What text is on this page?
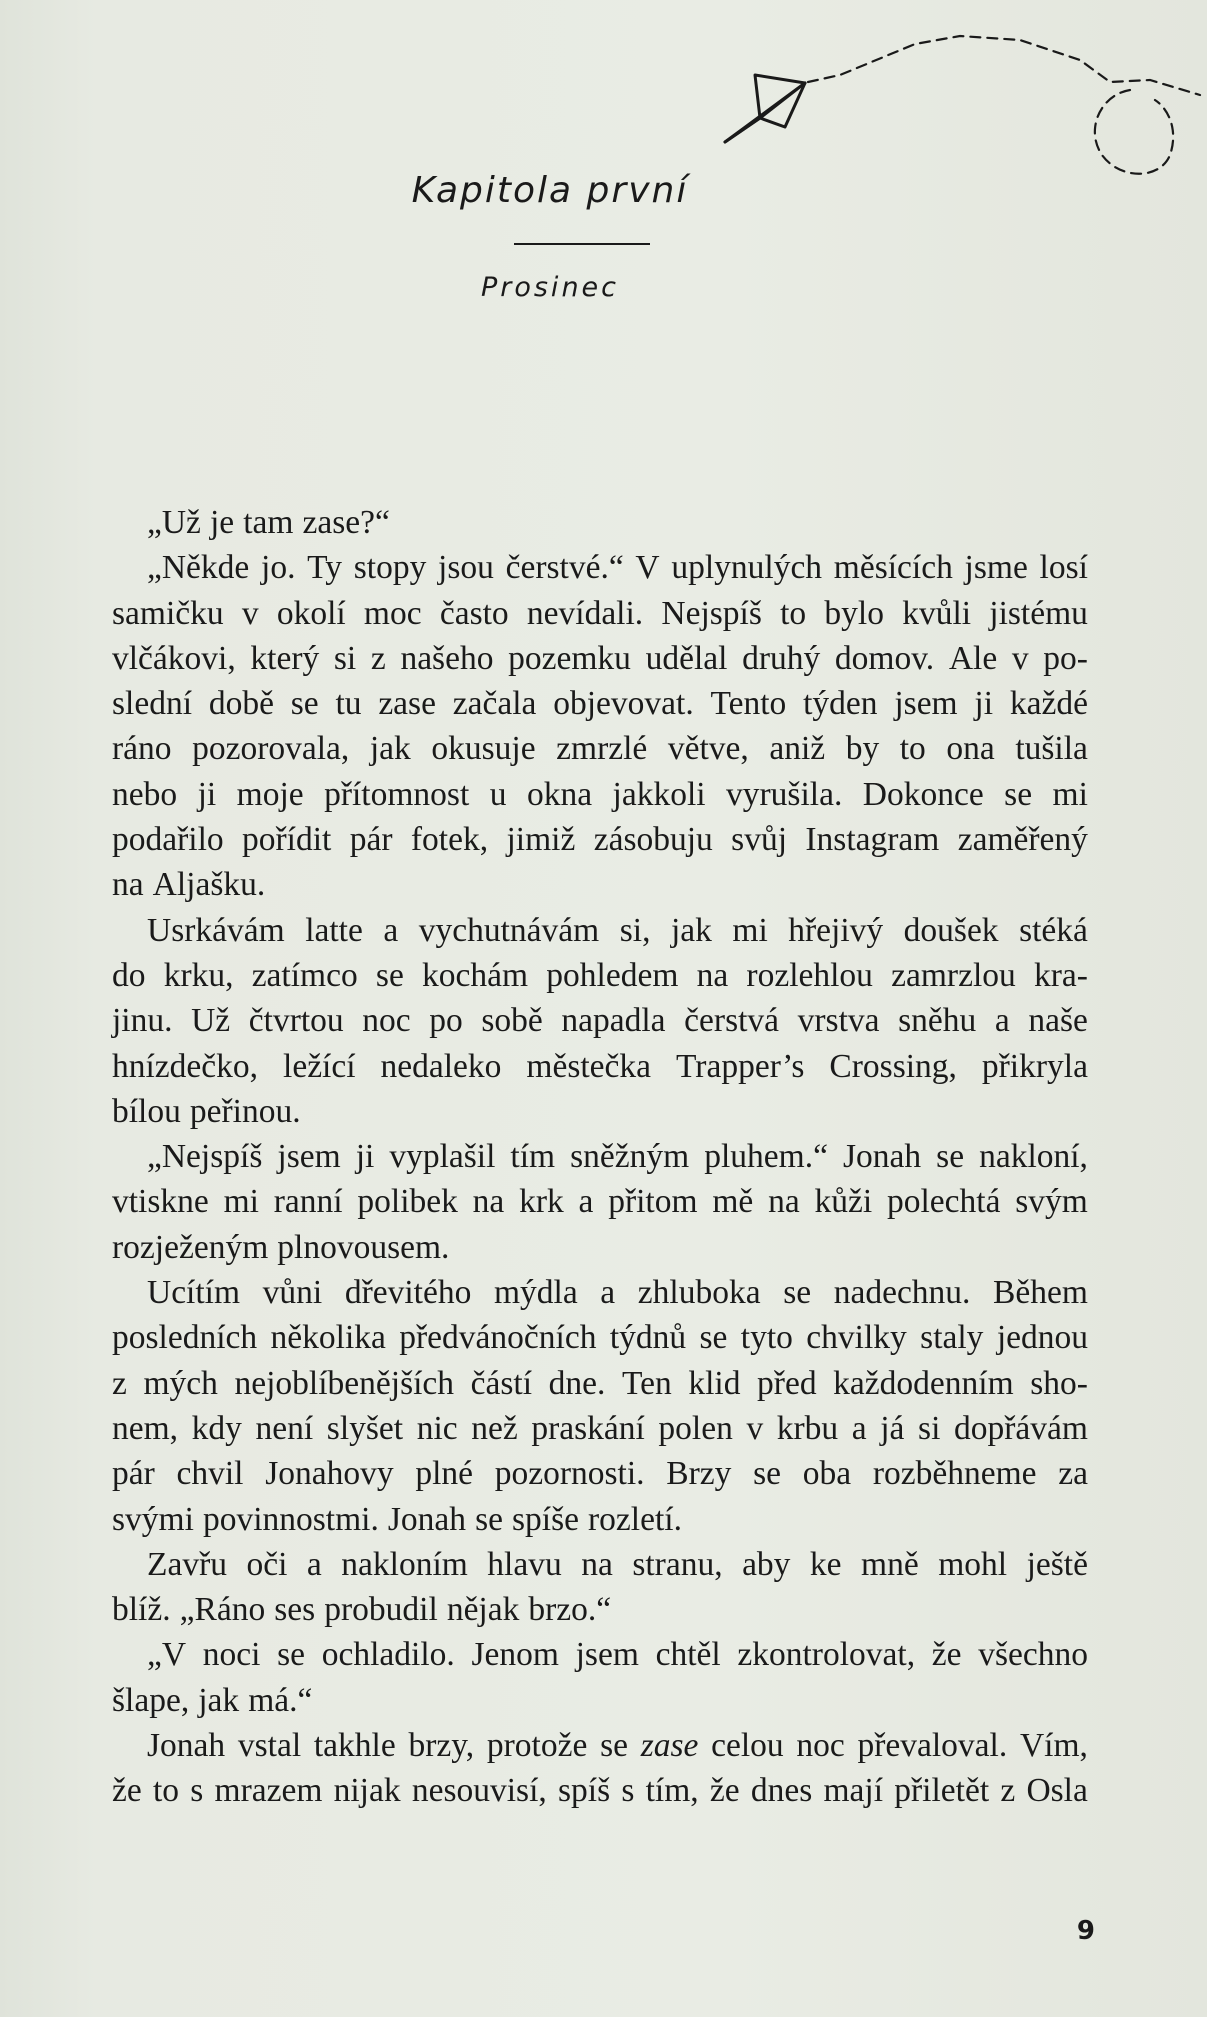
Kapitola první
Prosinec
„Už je tam zase?“
„Někde jo. Ty stopy jsou čerstvé.“ V uplynulých měsících jsme losí
samičku v okolí moc často nevídali. Nejspíš to bylo kvůli jistému
vlčákovi, který si z našeho pozemku udělal druhý domov. Ale v po-
slední době se tu zase začala objevovat. Tento týden jsem ji každé
ráno pozorovala, jak okusuje zmrzlé větve, aniž by to ona tušila
nebo ji moje přítomnost u okna jakkoli vyrušila. Dokonce se mi
podařilo pořídit pár fotek, jimiž zásobuju svůj Instagram zaměřený
na Aljašku.
Usrkávám latte a vychutnávám si, jak mi hřejivý doušek stéká
do krku, zatímco se kochám pohledem na rozlehlou zamrzlou kra-
jinu. Už čtvrtou noc po sobě napadla čerstvá vrstva sněhu a naše
hnízdečko, ležící nedaleko městečka Trapper’s Crossing, přikryla
bílou peřinou.
„Nejspíš jsem ji vyplašil tím sněžným pluhem.“ Jonah se nakloní,
vtiskne mi ranní polibek na krk a přitom mě na kůži polechtá svým
rozježeným plnovousem.
Ucítím vůni dřevitého mýdla a zhluboka se nadechnu. Během
posledních několika předvánočních týdnů se tyto chvilky staly jednou
z mých nejoblíbenějších částí dne. Ten klid před každodenním sho-
nem, kdy není slyšet nic než praskání polen v krbu a já si dopřávám
pár chvil Jonahovy plné pozornosti. Brzy se oba rozběhneme za
svými povinnostmi. Jonah se spíše rozletí.
Zavřu oči a nakloním hlavu na stranu, aby ke mně mohl ještě
blíž. „Ráno ses probudil nějak brzo.“
„V noci se ochladilo. Jenom jsem chtěl zkontrolovat, že všechno
šlape, jak má.“
Jonah vstal takhle brzy, protože se zase celou noc převaloval. Vím,
že to s mrazem nijak nesouvisí, spíš s tím, že dnes mají přiletět z Osla
9
